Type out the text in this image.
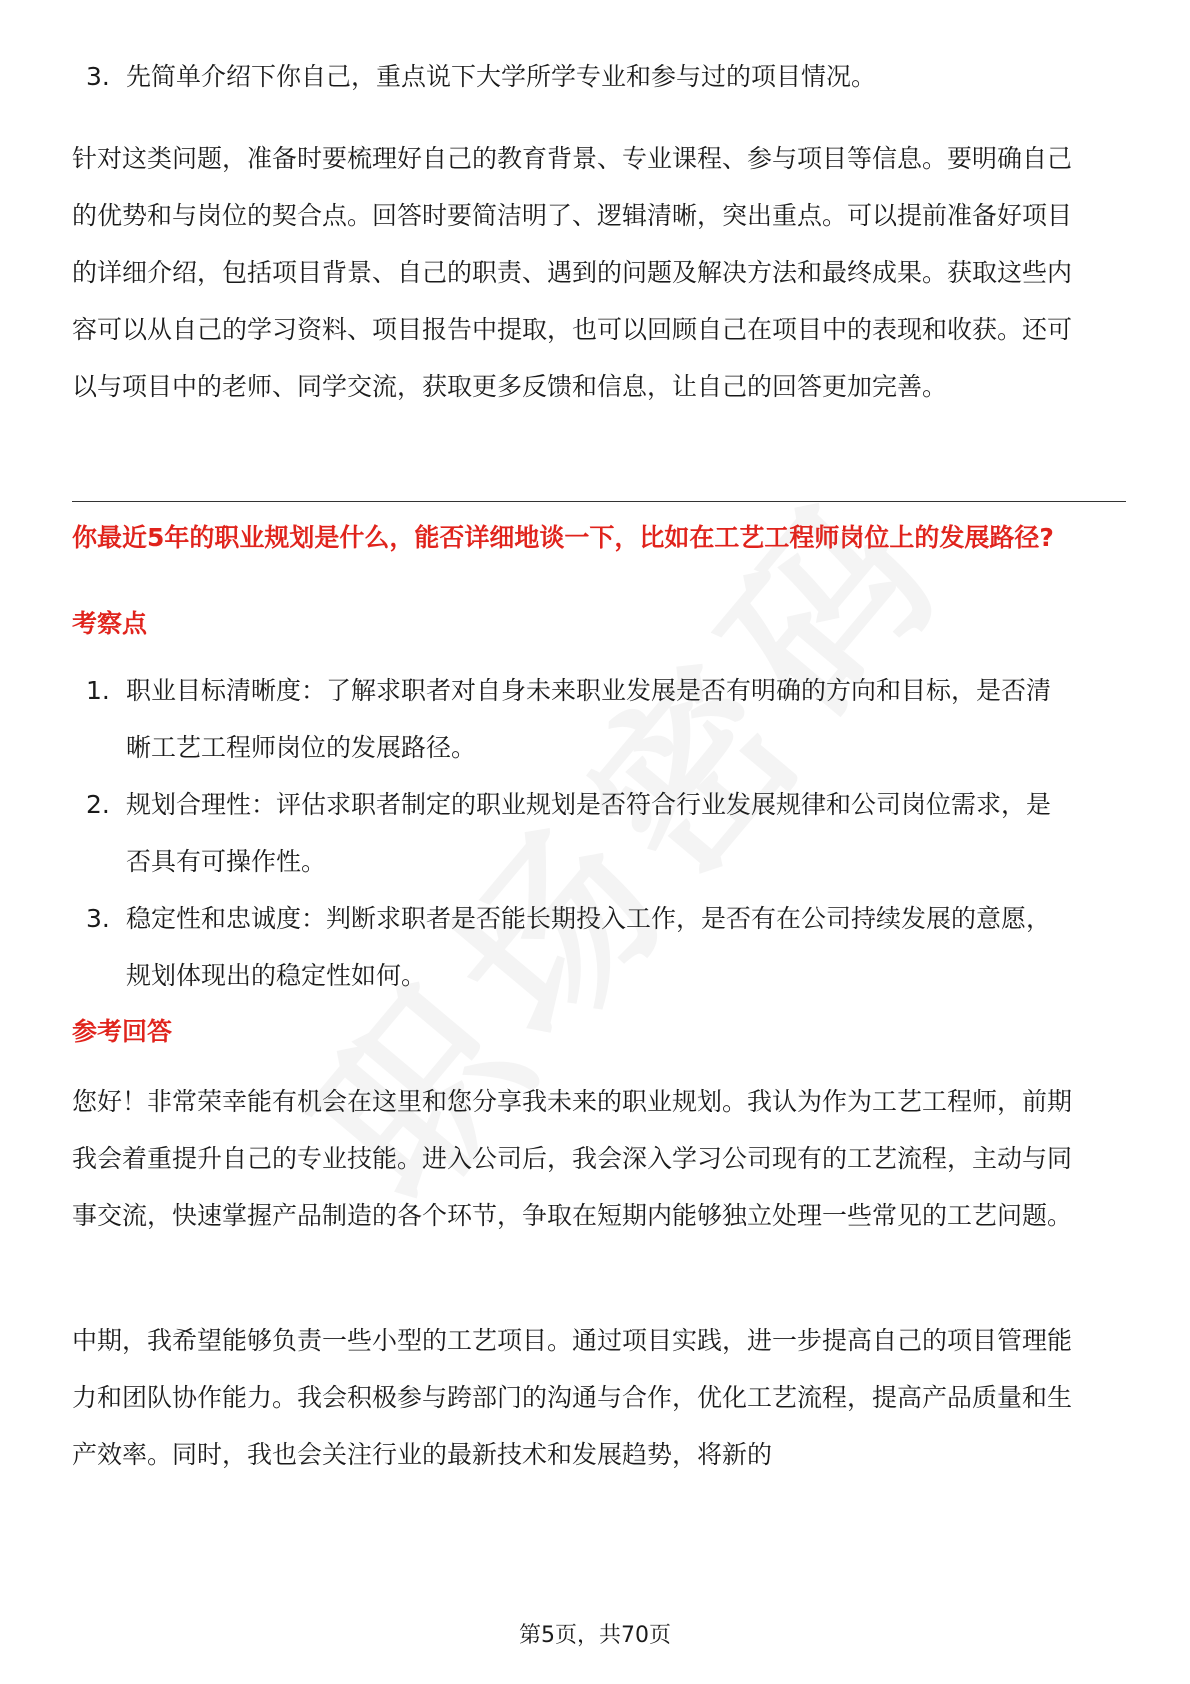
3. 先简单介绍下你自己，重点说下大学所学专业和参与过的项目情况。
针对这类问题，准备时要梳理好自己的教育背景、专业课程、参与项目等信息。要明确自己的优势和与岗位的契合点。回答时要简洁明了、逻辑清晰，突出重点。可以提前准备好项目的详细介绍，包括项目背景、自己的职责、遇到的问题及解决方法和最终成果。获取这些内容可以从自己的学习资料、项目报告中提取，也可以回顾自己在项目中的表现和收获。还可以与项目中的老师、同学交流，获取更多反馈和信息，让自己的回答更加完善。
你最近5年的职业规划是什么，能否详细地谈一下，比如在工艺工程师岗位上的发展路径?
考察点
1. 职业目标清晰度：了解求职者对自身未来职业发展是否有明确的方向和目标，是否清晰工艺工程师岗位的发展路径。
2. 规划合理性：评估求职者制定的职业规划是否符合行业发展规律和公司岗位需求，是否具有可操作性。
3. 稳定性和忠诚度：判断求职者是否能长期投入工作，是否有在公司持续发展的意愿，规划体现出的稳定性如何。
参考回答
您好！非常荣幸能有机会在这里和您分享我未来的职业规划。我认为作为工艺工程师，前期我会着重提升自己的专业技能。进入公司后，我会深入学习公司现有的工艺流程，主动与同事交流，快速掌握产品制造的各个环节，争取在短期内能够独立处理一些常见的工艺问题。
中期，我希望能够负责一些小型的工艺项目。通过项目实践，进一步提高自己的项目管理能力和团队协作能力。我会积极参与跨部门的沟通与合作，优化工艺流程，提高产品质量和生产效率。同时，我也会关注行业的最新技术和发展趋势，将新的
第5页，共70页
